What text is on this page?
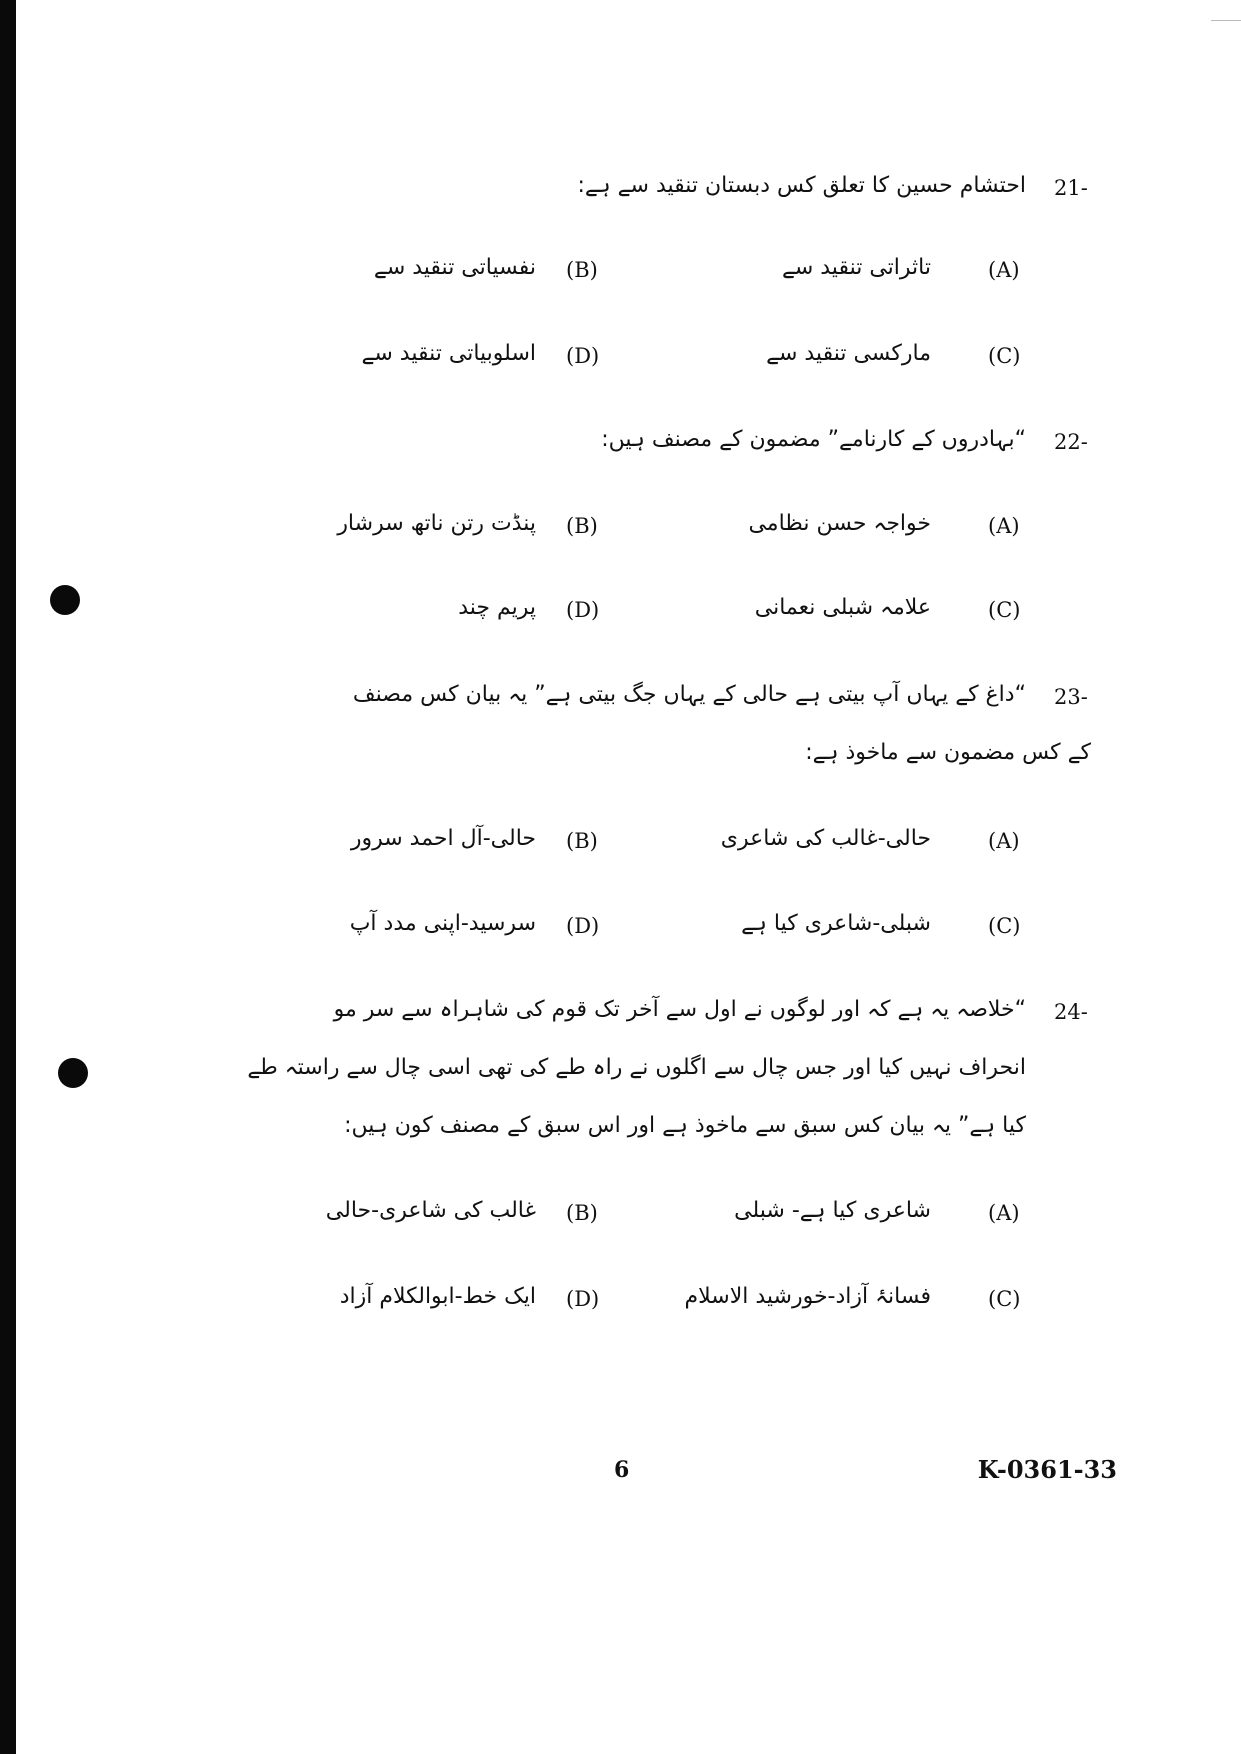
21-
احتشام حسین کا تعلق کس دبستان تنقید سے ہے:
(A)
تاثراتی تنقید سے
(B)
نفسیاتی تنقید سے
(C)
مارکسی تنقید سے
(D)
اسلوبیاتی تنقید سے
22-
“بہادروں کے کارنامے” مضمون کے مصنف ہیں:
(A)
خواجہ حسن نظامی
(B)
پنڈت رتن ناتھ سرشار
(C)
علامہ شبلی نعمانی
(D)
پریم چند
23-
“داغ کے یہاں آپ بیتی ہے حالی کے یہاں جگ بیتی ہے” یہ بیان کس مصنف
کے کس مضمون سے ماخوذ ہے:
(A)
حالی-غالب کی شاعری
(B)
حالی-آل احمد سرور
(C)
شبلی-شاعری کیا ہے
(D)
سرسید-اپنی مدد آپ
24-
“خلاصہ یہ ہے کہ اور لوگوں نے اول سے آخر تک قوم کی شاہراہ سے سر مو
انحراف نہیں کیا اور جس چال سے اگلوں نے راہ طے کی تھی اسی چال سے راستہ طے
کیا ہے” یہ بیان کس سبق سے ماخوذ ہے اور اس سبق کے مصنف کون ہیں:
(A)
شاعری کیا ہے- شبلی
(B)
غالب کی شاعری-حالی
(C)
فسانۂ آزاد-خورشید الاسلام
(D)
ایک خط-ابوالکلام آزاد
6	K-0361-33
